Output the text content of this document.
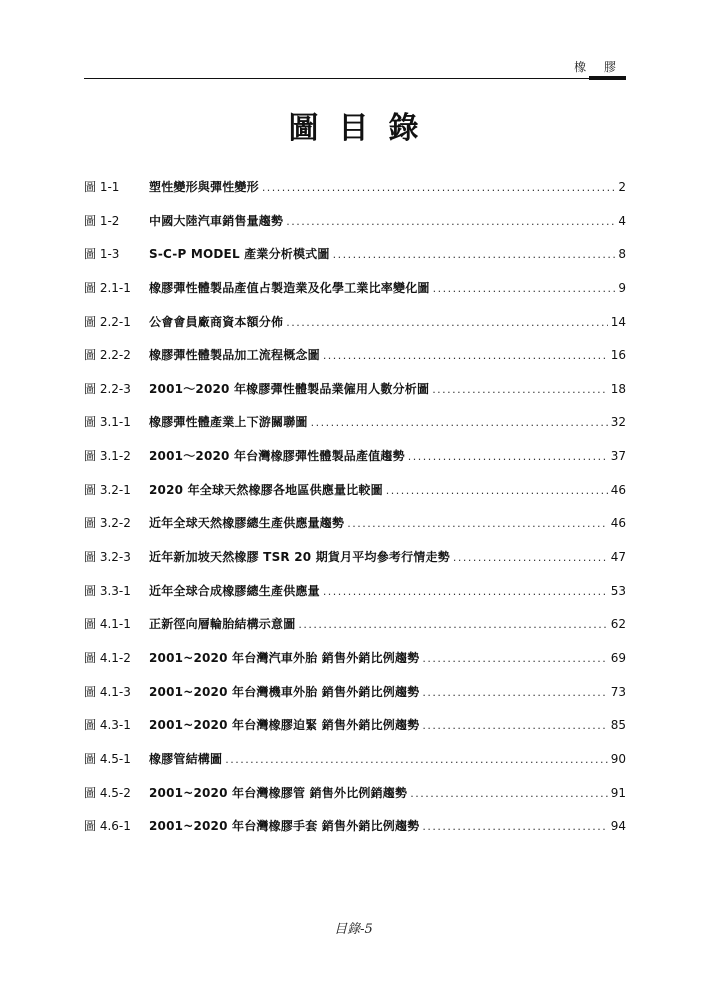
橡 膠
圖目錄
圖 1-1	塑性變形與彈性變形 .....	2
圖 1-2	中國大陸汽車銷售量趨勢 .....	4
圖 1-3	S-C-P MODEL 產業分析模式圖 .....	8
圖 2.1-1	橡膠彈性體製品產值占製造業及化學工業比率變化圖 .....	9
圖 2.2-1	公會會員廠商資本額分佈 .....	14
圖 2.2-2	橡膠彈性體製品加工流程概念圖 .....	16
圖 2.2-3	2001～2020 年橡膠彈性體製品業僱用人數分析圖 .....	18
圖 3.1-1	橡膠彈性體產業上下游關聯圖 .....	32
圖 3.1-2	2001～2020 年台灣橡膠彈性體製品產值趨勢 .....	37
圖 3.2-1	2020 年全球天然橡膠各地區供應量比較圖 .....	46
圖 3.2-2	近年全球天然橡膠總生產供應量趨勢 .....	46
圖 3.2-3	近年新加坡天然橡膠 TSR 20 期貨月平均參考行情走勢 .....	47
圖 3.3-1	近年全球合成橡膠總生產供應量 .....	53
圖 4.1-1	正新徑向層輪胎結構示意圖 .....	62
圖 4.1-2	2001~2020 年台灣汽車外胎 銷售外銷比例趨勢 .....	69
圖 4.1-3	2001~2020 年台灣機車外胎 銷售外銷比例趨勢 .....	73
圖 4.3-1	2001~2020 年台灣橡膠迫緊 銷售外銷比例趨勢 .....	85
圖 4.5-1	橡膠管結構圖 .....	90
圖 4.5-2	2001~2020 年台灣橡膠管 銷售外比例銷趨勢 .....	91
圖 4.6-1	2001~2020 年台灣橡膠手套 銷售外銷比例趨勢 .....	94
目錄-5
